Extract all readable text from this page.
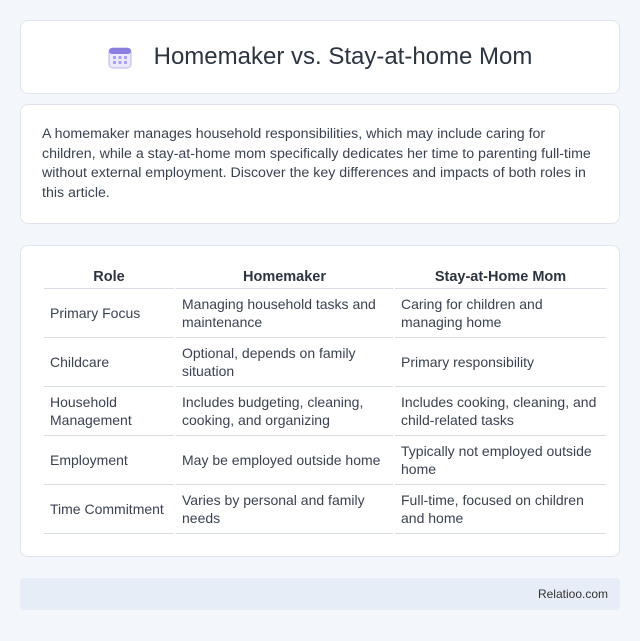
Homemaker vs. Stay-at-home Mom

A homemaker manages household responsibilities, which may include caring for children, while a stay-at-home mom specifically dedicates her time to parenting full-time without external employment. Discover the key differences and impacts of both roles in this article.

Role	Homemaker	Stay-at-Home Mom
Primary Focus	Managing household tasks and maintenance	Caring for children and managing home
Childcare	Optional, depends on family situation	Primary responsibility
Household Management	Includes budgeting, cleaning, cooking, and organizing	Includes cooking, cleaning, and child-related tasks
Employment	May be employed outside home	Typically not employed outside home
Time Commitment	Varies by personal and family needs	Full-time, focused on children and home
Relatioo.com
